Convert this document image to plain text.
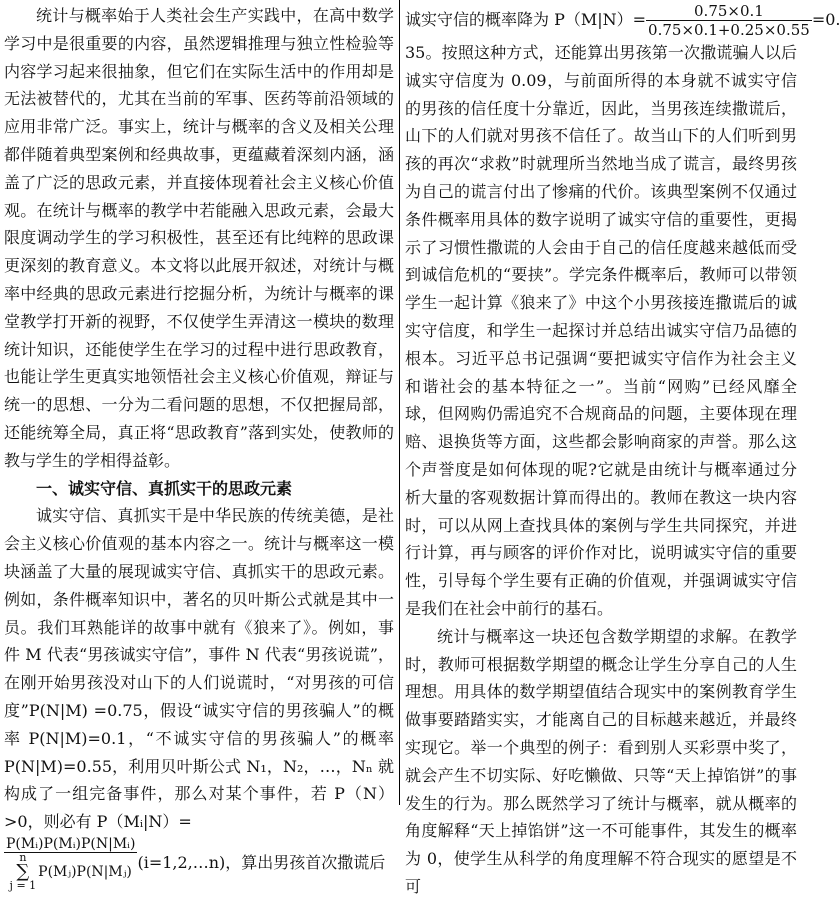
统计与概率始于人类社会生产实践中，在高中数学学习中是很重要的内容，虽然逻辑推理与独立性检验等内容学习起来很抽象，但它们在实际生活中的作用却是无法被替代的，尤其在当前的军事、医药等前沿领域的应用非常广泛。事实上，统计与概率的含义及相关公理都伴随着典型案例和经典故事，更蕴藏着深刻内涵，涵盖了广泛的思政元素，并直接体现着社会主义核心价值观。在统计与概率的教学中若能融入思政元素，会最大限度调动学生的学习积极性，甚至还有比纯粹的思政课更深刻的教育意义。本文将以此展开叙述，对统计与概率中经典的思政元素进行挖掘分析，为统计与概率的课堂教学打开新的视野，不仅使学生弄清这一模块的数理统计知识，还能使学生在学习的过程中进行思政教育，也能让学生更真实地领悟社会主义核心价值观，辩证与统一的思想、一分为二看问题的思想，不仅把握局部，还能统筹全局，真正将“思政教育”落到实处，使教师的教与学生的学相得益彰。

一、诚实守信、真抓实干的思政元素

诚实守信、真抓实干是中华民族的传统美德，是社会主义核心价值观的基本内容之一。统计与概率这一模块涵盖了大量的展现诚实守信、真抓实干的思政元素。例如，条件概率知识中，著名的贝叶斯公式就是其中一员。我们耳熟能详的故事中就有《狼来了》。例如，事件 M 代表“男孩诚实守信”，事件 N 代表“男孩说谎”，在刚开始男孩没对山下的人们说谎时，“对男孩的可信度”P(N|M) =0.75，假设“诚实守信的男孩骗人”的概率 P(N|M)=0.1，“不诚实守信的男孩骗人”的概率 P(N|M)=0.55，利用贝叶斯公式 N₁，N₂，…，Nₙ 就构成了一组完备事件，那么对某个事件，若 P（N）>0，则必有 P（Mᵢ|N）=

P(Mᵢ)P(Mᵢ)P(N|Mᵢ)
n
∑
j = 1P(Mⱼ)P(N|Mⱼ) (i=1,2,…n)，算出男孩首次撒谎后

诚实守信的概率降为 $P(M|N)= \frac{0.75\times 0.1}{0.75\times 0.1+0.25\times 0.55} =0$.

35。按照这种方式，还能算出男孩第一次撒谎骗人以后诚实守信度为 0.09，与前面所得的本身就不诚实守信的男孩的信任度十分靠近，因此，当男孩连续撒谎后，山下的人们就对男孩不信任了。故当山下的人们听到男孩的再次“求救”时就理所当然地当成了谎言，最终男孩为自己的谎言付出了惨痛的代价。该典型案例不仅通过条件概率用具体的数字说明了诚实守信的重要性，更揭示了习惯性撒谎的人会由于自己的信任度越来越低而受到诚信危机的“要挟”。学完条件概率后，教师可以带领学生一起计算《狼来了》中这个小男孩接连撒谎后的诚实守信度，和学生一起探讨并总结出诚实守信乃品德的根本。习近平总书记强调“要把诚实守信作为社会主义和谐社会的基本特征之一”。当前“网购”已经风靡全球，但网购仍需追究不合规商品的问题，主要体现在理赔、退换货等方面，这些都会影响商家的声誉。那么这个声誉度是如何体现的呢?它就是由统计与概率通过分析大量的客观数据计算而得出的。教师在教这一块内容时，可以从网上查找具体的案例与学生共同探究，并进行计算，再与顾客的评价作对比，说明诚实守信的重要性，引导每个学生要有正确的价值观，并强调诚实守信是我们在社会中前行的基石。

统计与概率这一块还包含数学期望的求解。在教学时，教师可根据数学期望的概念让学生分享自己的人生理想。用具体的数学期望值结合现实中的案例教育学生做事要踏踏实实，才能离自己的目标越来越近，并最终实现它。举一个典型的例子：看到别人买彩票中奖了，就会产生不切实际、好吃懒做、只等“天上掉馅饼”的事发生的行为。那么既然学习了统计与概率，就从概率的角度解释“天上掉馅饼”这一不可能事件，其发生的概率为 0，使学生从科学的角度理解不符合现实的愿望是不可
